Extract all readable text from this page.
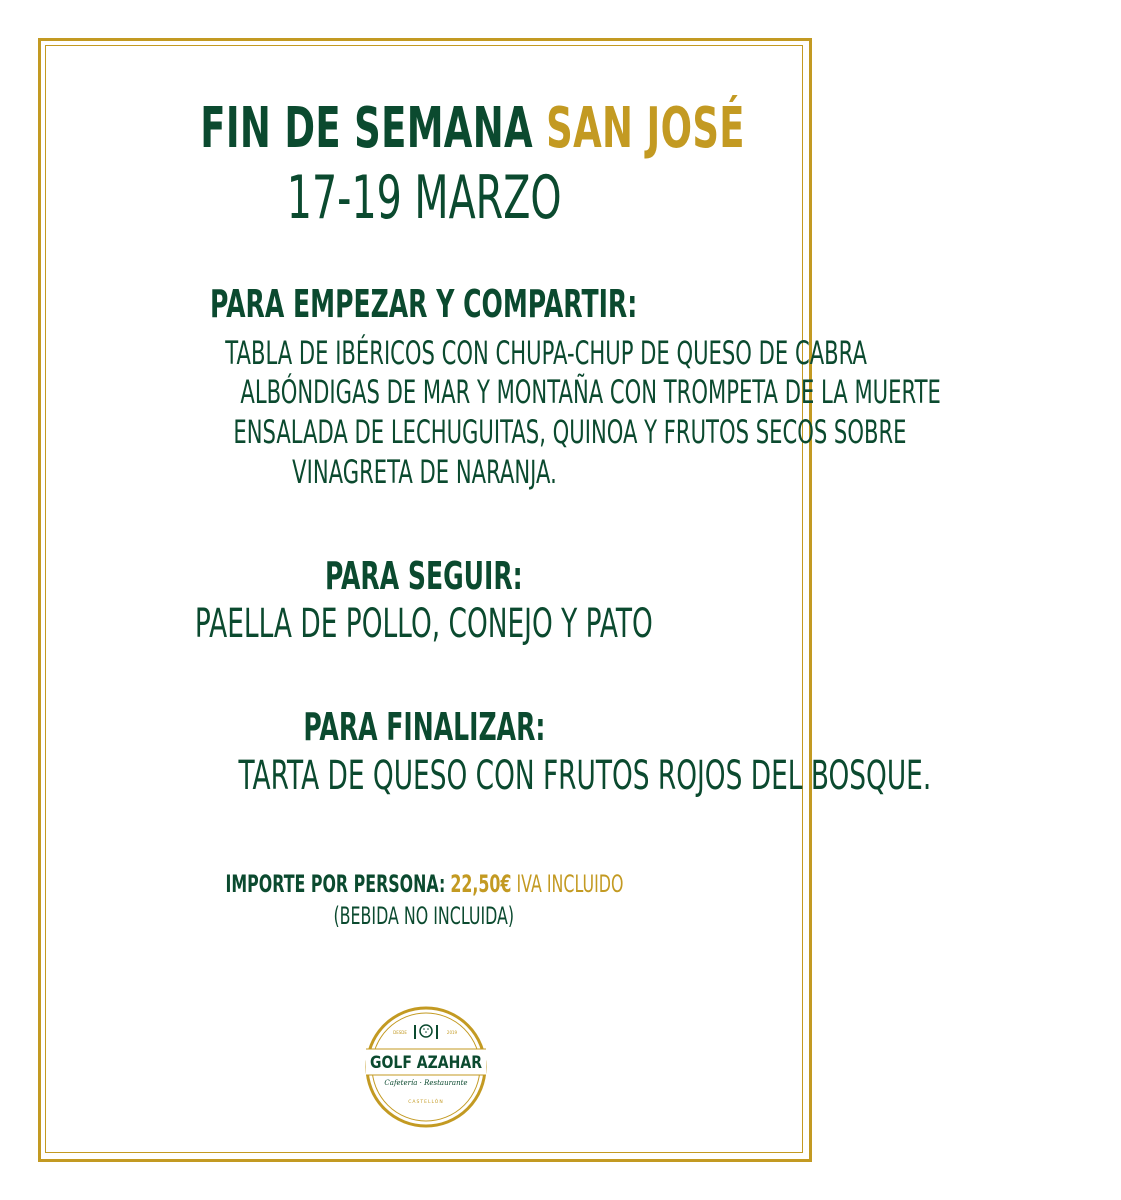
FIN DE SEMANA SAN JOSÉ
17-19 MARZO
PARA EMPEZAR Y COMPARTIR:
TABLA DE IBÉRICOS CON CHUPA-CHUP DE QUESO DE CABRA
ALBÓNDIGAS DE MAR Y MONTAÑA CON TROMPETA DE LA MUERTE
ENSALADA DE LECHUGUITAS, QUINOA Y FRUTOS SECOS SOBRE
VINAGRETA DE NARANJA.
PARA SEGUIR:
PAELLA DE POLLO, CONEJO Y PATO
PARA FINALIZAR:
TARTA DE QUESO CON FRUTOS ROJOS DEL BOSQUE.
IMPORTE POR PERSONA: 22,50€ IVA INCLUIDO
(BEBIDA NO INCLUIDA)
DESDE	2019
GOLF AZAHAR
Cafetería · Restaurante
CASTELLÓN
